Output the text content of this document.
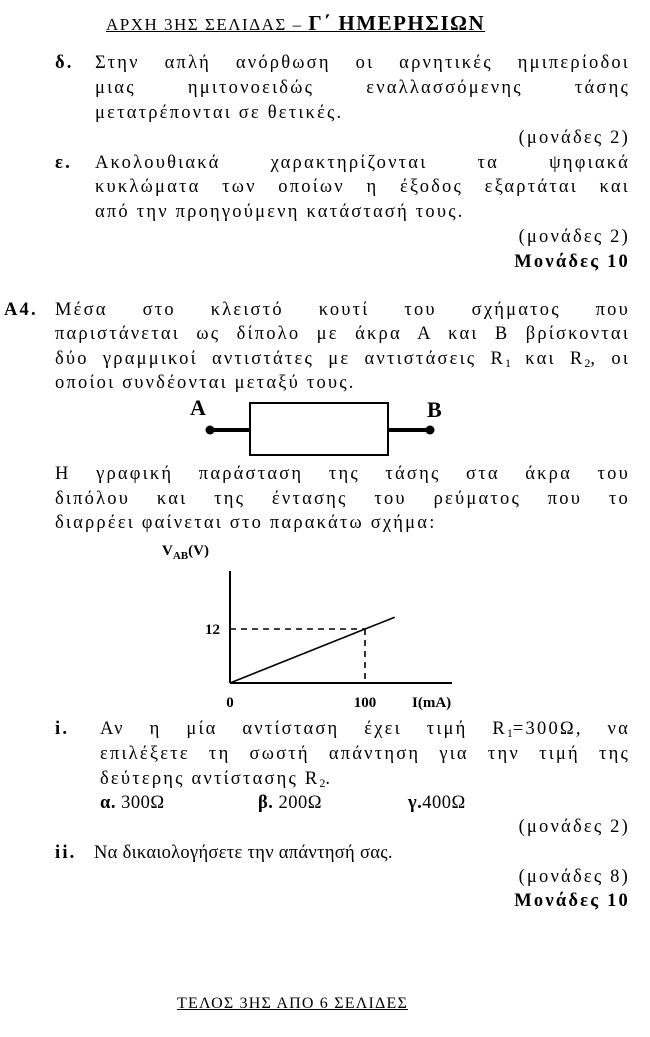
ΑΡΧΗ 3ΗΣ ΣΕΛΙΔΑΣ – Γ΄ ΗΜΕΡΗΣΙΩΝ
δ. Στην απλή ανόρθωση οι αρνητικές ημιπερίοδοι
μιας ημιτονοειδώς εναλλασσόμενης τάσης
μετατρέπονται σε θετικές.
(μονάδες 2)
ε. Ακολουθιακά χαρακτηρίζονται τα ψηφιακά
κυκλώματα των οποίων η έξοδος εξαρτάται και
από την προηγούμενη κατάστασή τους.
(μονάδες 2)
Μονάδες 10
Α4. Μέσα στο κλειστό κουτί του σχήματος που
παριστάνεται ως δίπολο με άκρα Α και Β βρίσκονται
δύο γραμμικοί αντιστάτες με αντιστάσεις $R_1$ και $R_2$, οι
οποίοι συνδέονται μεταξύ τους.
A	B
Η γραφική παράσταση της τάσης στα άκρα του
διπόλου και της έντασης του ρεύματος που το
διαρρέει φαίνεται στο παρακάτω σχήμα:
$V_{AB}(V)$
12
100
0	I(mA)
i. Αν η μία αντίσταση έχει τιμή $R_1=300\Omega$, να
επιλέξετε τη σωστή απάντηση για την τιμή της
δεύτερης αντίστασης $R_2$.
α. 300Ω	β. 200Ω	γ.400Ω
(μονάδες 2)
ii. Να δικαιολογήσετε την απάντησή σας.
(μονάδες 8)
Μονάδες 10
ΤΕΛΟΣ 3ΗΣ ΑΠΟ 6 ΣΕΛΙΔΕΣ
